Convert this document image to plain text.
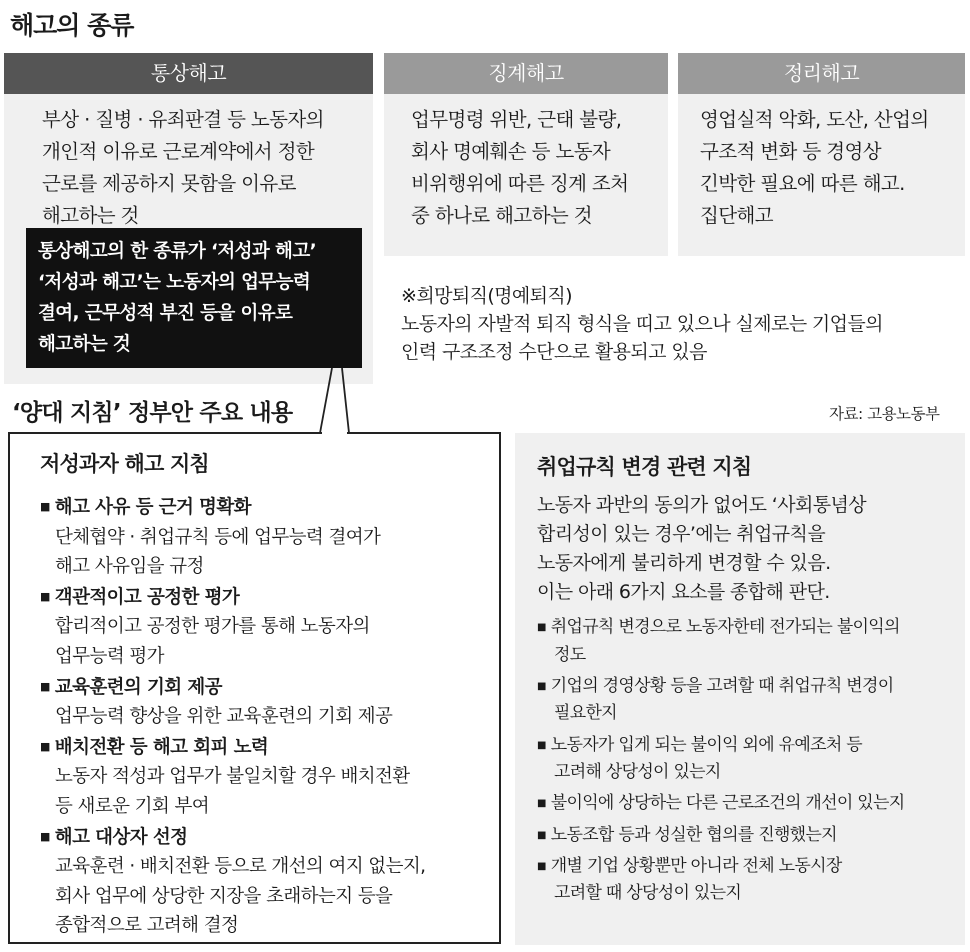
해고의 종류
통상해고
부상 · 질병 · 유죄판결 등 노동자의
개인적 이유로 근로계약에서 정한
근로를 제공하지 못함을 이유로
해고하는 것
통상해고의 한 종류가 ‘저성과 해고’
‘저성과 해고’는 노동자의 업무능력
결여, 근무성적 부진 등을 이유로
해고하는 것
징계해고
업무명령 위반, 근태 불량,
회사 명예훼손 등 노동자
비위행위에 따른 징계 조처
중 하나로 해고하는 것
정리해고
영업실적 악화, 도산, 산업의
구조적 변화 등 경영상
긴박한 필요에 따른 해고.
집단해고
※희망퇴직(명예퇴직)
노동자의 자발적 퇴직 형식을 띠고 있으나 실제로는 기업들의
인력 구조조정 수단으로 활용되고 있음
‘양대 지침’ 정부안 주요 내용	자료: 고용노동부
저성과자 해고 지침
■ 해고 사유 등 근거 명확화
단체협약 · 취업규칙 등에 업무능력 결여가
해고 사유임을 규정
■ 객관적이고 공정한 평가
합리적이고 공정한 평가를 통해 노동자의
업무능력 평가
■ 교육훈련의 기회 제공
업무능력 향상을 위한 교육훈련의 기회 제공
■ 배치전환 등 해고 회피 노력
노동자 적성과 업무가 불일치할 경우 배치전환
등 새로운 기회 부여
■ 해고 대상자 선정
교육훈련 · 배치전환 등으로 개선의 여지 없는지,
회사 업무에 상당한 지장을 초래하는지 등을
종합적으로 고려해 결정
취업규칙 변경 관련 지침
노동자 과반의 동의가 없어도 ‘사회통념상
합리성이 있는 경우’에는 취업규칙을
노동자에게 불리하게 변경할 수 있음.
이는 아래 6가지 요소를 종합해 판단.
■ 취업규칙 변경으로 노동자한테 전가되는 불이익의
정도
■ 기업의 경영상황 등을 고려할 때 취업규칙 변경이
필요한지
■ 노동자가 입게 되는 불이익 외에 유예조처 등
고려해 상당성이 있는지
■ 불이익에 상당하는 다른 근로조건의 개선이 있는지
■ 노동조합 등과 성실한 협의를 진행했는지
■ 개별 기업 상황뿐만 아니라 전체 노동시장
고려할 때 상당성이 있는지
